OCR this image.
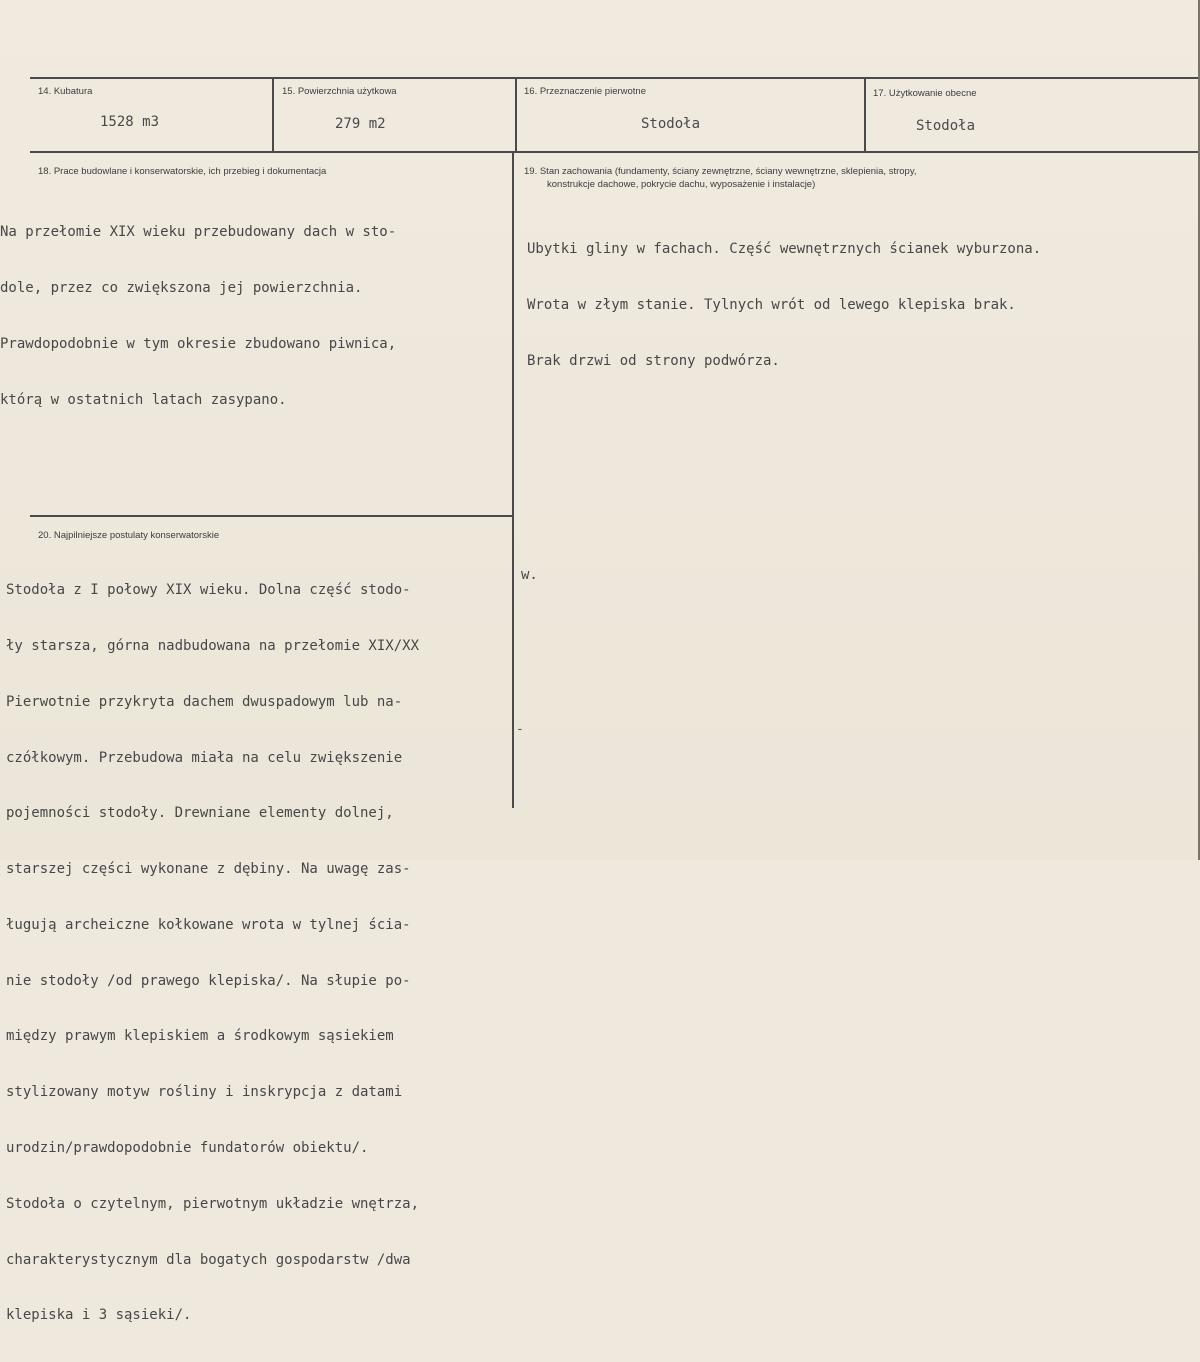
14. Kubatura
1528 m3
15. Powierzchnia użytkowa
279 m2
16. Przeznaczenie pierwotne
Stodoła
17. Użytkowanie obecne
Stodoła
18. Prace budowlane i konserwatorskie, ich przebieg i dokumentacja

Na przełomie XIX wieku przebudowany dach w sto-

dole, przez co zwiększona jej powierzchnia.

Prawdopodobnie w tym okresie zbudowano piwnica,

którą w ostatnich latach zasypano.

19. Stan zachowania (fundamenty, ściany zewnętrzne, ściany wewnętrzne, sklepienia, stropy,
konstrukcje dachowe, pokrycie dachu, wyposażenie i instalacje)

Ubytki gliny w fachach. Część wewnętrznych ścianek wyburzona.

Wrota w złym stanie. Tylnych wrót od lewego klepiska brak.

Brak drzwi od strony podwórza.

20. Najpilniejsze postulaty konserwatorskie

Stodoła z I połowy XIX wieku. Dolna część stodo-

ły starsza, górna nadbudowana na przełomie XIX/XX

Pierwotnie przykryta dachem dwuspadowym lub na-

czółkowym. Przebudowa miała na celu zwiększenie

pojemności stodoły. Drewniane elementy dolnej,

starszej części wykonane z dębiny. Na uwagę zas-

ługują archeiczne kołkowane wrota w tylnej ścia-

nie stodoły /od prawego klepiska/. Na słupie po-

między prawym klepiskiem a środkowym sąsiekiem

stylizowany motyw rośliny i inskrypcja z datami

urodzin/prawdopodobnie fundatorów obiektu/.

Stodoła o czytelnym, pierwotnym układzie wnętrza,

charakterystycznym dla bogatych gospodarstw /dwa

klepiska i 3 sąsieki/.

w.
-
